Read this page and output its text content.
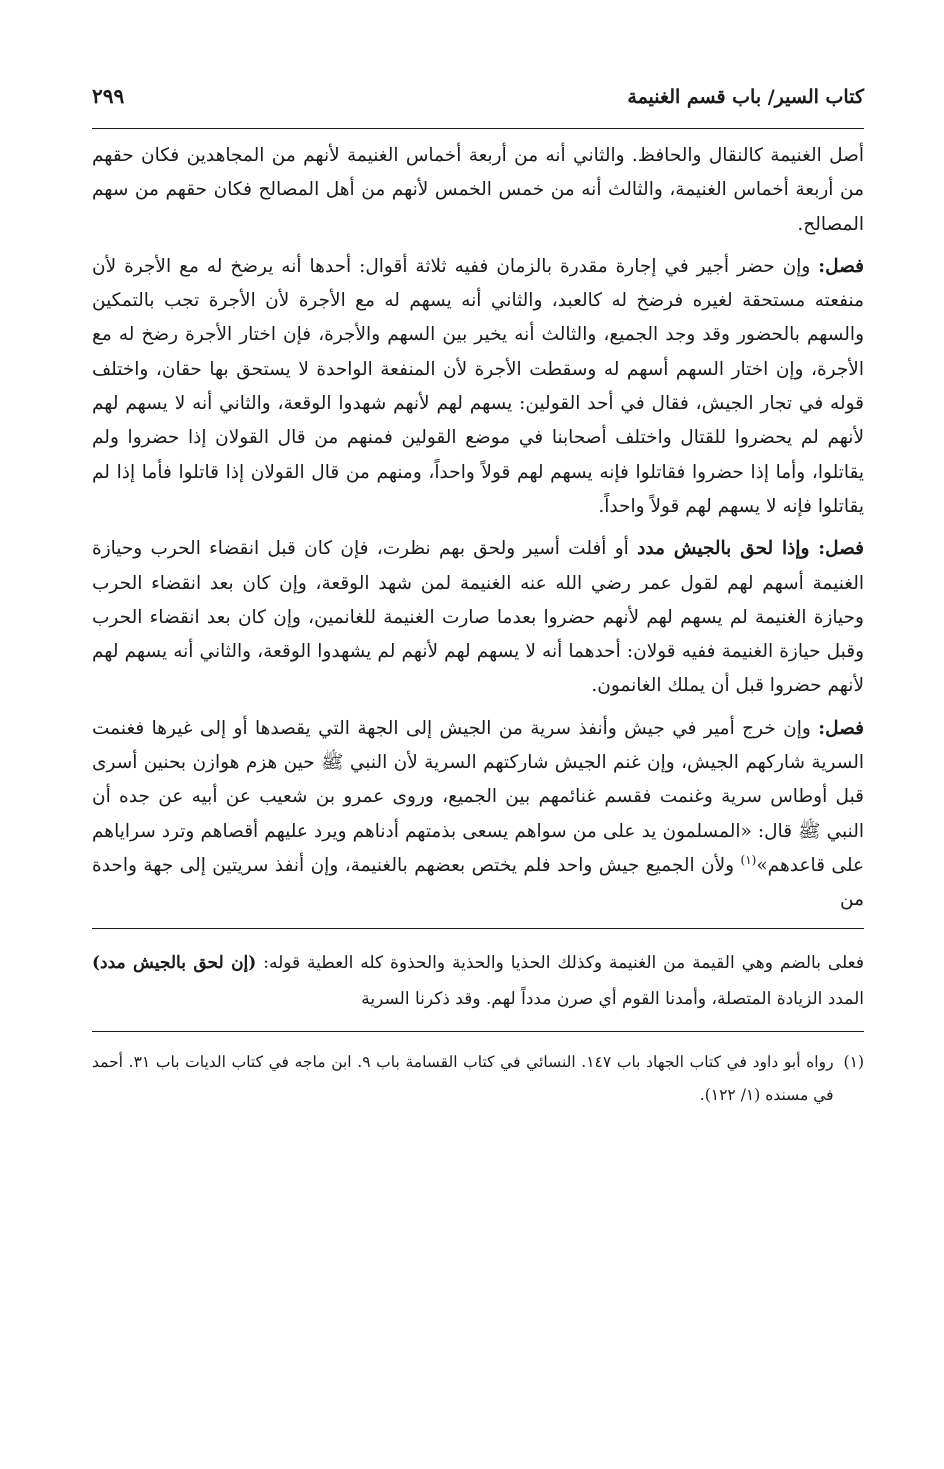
كتاب السير/ باب قسم الغنيمة
٢٩٩

أصل الغنيمة كالنقال والحافظ. والثاني أنه من أربعة أخماس الغنيمة لأنهم من المجاهدين فكان حقهم من أربعة أخماس الغنيمة، والثالث أنه من خمس الخمس لأنهم من أهل المصالح فكان حقهم من سهم المصالح.

فصل: وإن حضر أجير في إجارة مقدرة بالزمان ففيه ثلاثة أقوال: أحدها أنه يرضخ له مع الأجرة لأن منفعته مستحقة لغيره فرضخ له كالعبد، والثاني أنه يسهم له مع الأجرة لأن الأجرة تجب بالتمكين والسهم بالحضور وقد وجد الجميع، والثالث أنه يخير بين السهم والأجرة، فإن اختار الأجرة رضخ له مع الأجرة، وإن اختار السهم أسهم له وسقطت الأجرة لأن المنفعة الواحدة لا يستحق بها حقان، واختلف قوله في تجار الجيش، فقال في أحد القولين: يسهم لهم لأنهم شهدوا الوقعة، والثاني أنه لا يسهم لهم لأنهم لم يحضروا للقتال واختلف أصحابنا في موضع القولين فمنهم من قال القولان إذا حضروا ولم يقاتلوا، وأما إذا حضروا فقاتلوا فإنه يسهم لهم قولاً واحداً، ومنهم من قال القولان إذا قاتلوا فأما إذا لم يقاتلوا فإنه لا يسهم لهم قولاً واحداً.

فصل: وإذا لحق بالجيش مدد أو أفلت أسير ولحق بهم نظرت، فإن كان قبل انقضاء الحرب وحيازة الغنيمة أسهم لهم لقول عمر رضي الله عنه الغنيمة لمن شهد الوقعة، وإن كان بعد انقضاء الحرب وحيازة الغنيمة لم يسهم لهم لأنهم حضروا بعدما صارت الغنيمة للغانمين، وإن كان بعد انقضاء الحرب وقبل حيازة الغنيمة ففيه قولان: أحدهما أنه لا يسهم لهم لأنهم لم يشهدوا الوقعة، والثاني أنه يسهم لهم لأنهم حضروا قبل أن يملك الغانمون.

فصل: وإن خرج أمير في جيش وأنفذ سرية من الجيش إلى الجهة التي يقصدها أو إلى غيرها فغنمت السرية شاركهم الجيش، وإن غنم الجيش شاركتهم السرية لأن النبي ﷺ حين هزم هوازن بحنين أسرى قبل أوطاس سرية وغنمت فقسم غنائمهم بين الجميع، وروى عمرو بن شعيب عن أبيه عن جده أن النبي ﷺ قال: «المسلمون يد على من سواهم يسعى بذمتهم أدناهم ويرد عليهم أقصاهم وترد سراياهم على قاعدهم»$^{(١)}$ ولأن الجميع جيش واحد فلم يختص بعضهم بالغنيمة، وإن أنفذ سريتين إلى جهة واحدة من

فعلى بالضم وهي القيمة من الغنيمة وكذلك الحذيا والحذية والحذوة كله العطية قوله: (إن لحق بالجيش مدد) المدد الزيادة المتصلة، وأمدنا القوم أي صرن مدداً لهم. وقد ذكرنا السرية
(١)
رواه أبو داود في كتاب الجهاد باب ١٤٧. النسائي في كتاب القسامة باب ٩. ابن ماجه في كتاب الديات باب ٣١. أحمد في مسنده (١/ ١٢٢).
